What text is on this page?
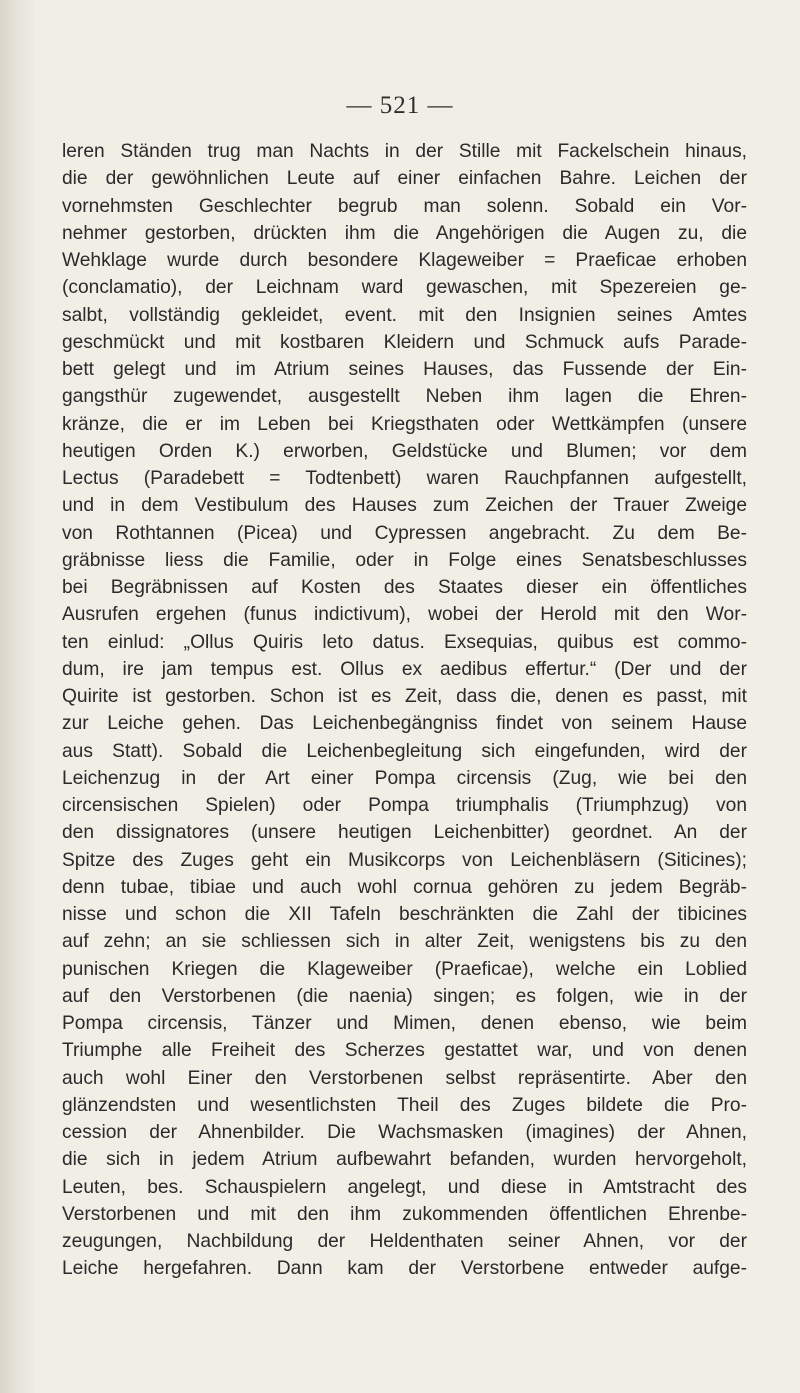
— 521 —
leren Ständen trug man Nachts in der Stille mit Fackelschein hinaus,
die der gewöhnlichen Leute auf einer einfachen Bahre. Leichen der
vornehmsten Geschlechter begrub man solenn. Sobald ein Vor-
nehmer gestorben, drückten ihm die Angehörigen die Augen zu, die
Wehklage wurde durch besondere Klageweiber = Praeficae erhoben
(conclamatio), der Leichnam ward gewaschen, mit Spezereien ge-
salbt, vollständig gekleidet, event. mit den Insignien seines Amtes
geschmückt und mit kostbaren Kleidern und Schmuck aufs Parade-
bett gelegt und im Atrium seines Hauses, das Fussende der Ein-
gangsthür zugewendet, ausgestellt Neben ihm lagen die Ehren-
kränze, die er im Leben bei Kriegsthaten oder Wettkämpfen (unsere
heutigen Orden K.) erworben, Geldstücke und Blumen; vor dem
Lectus (Paradebett = Todtenbett) waren Rauchpfannen aufgestellt,
und in dem Vestibulum des Hauses zum Zeichen der Trauer Zweige
von Rothtannen (Picea) und Cypressen angebracht. Zu dem Be-
gräbnisse liess die Familie, oder in Folge eines Senatsbeschlusses
bei Begräbnissen auf Kosten des Staates dieser ein öffentliches
Ausrufen ergehen (funus indictivum), wobei der Herold mit den Wor-
ten einlud: „Ollus Quiris leto datus. Exsequias, quibus est commo-
dum, ire jam tempus est. Ollus ex aedibus effertur.“ (Der und der
Quirite ist gestorben. Schon ist es Zeit, dass die, denen es passt, mit
zur Leiche gehen. Das Leichenbegängniss findet von seinem Hause
aus Statt). Sobald die Leichenbegleitung sich eingefunden, wird der
Leichenzug in der Art einer Pompa circensis (Zug, wie bei den
circensischen Spielen) oder Pompa triumphalis (Triumphzug) von
den dissignatores (unsere heutigen Leichenbitter) geordnet. An der
Spitze des Zuges geht ein Musikcorps von Leichenbläsern (Siticines);
denn tubae, tibiae und auch wohl cornua gehören zu jedem Begräb-
nisse und schon die XII Tafeln beschränkten die Zahl der tibicines
auf zehn; an sie schliessen sich in alter Zeit, wenigstens bis zu den
punischen Kriegen die Klageweiber (Praeficae), welche ein Loblied
auf den Verstorbenen (die naenia) singen; es folgen, wie in der
Pompa circensis, Tänzer und Mimen, denen ebenso, wie beim
Triumphe alle Freiheit des Scherzes gestattet war, und von denen
auch wohl Einer den Verstorbenen selbst repräsentirte. Aber den
glänzendsten und wesentlichsten Theil des Zuges bildete die Pro-
cession der Ahnenbilder. Die Wachsmasken (imagines) der Ahnen,
die sich in jedem Atrium aufbewahrt befanden, wurden hervorgeholt,
Leuten, bes. Schauspielern angelegt, und diese in Amtstracht des
Verstorbenen und mit den ihm zukommenden öffentlichen Ehrenbe-
zeugungen, Nachbildung der Heldenthaten seiner Ahnen, vor der
Leiche hergefahren. Dann kam der Verstorbene entweder aufge-
